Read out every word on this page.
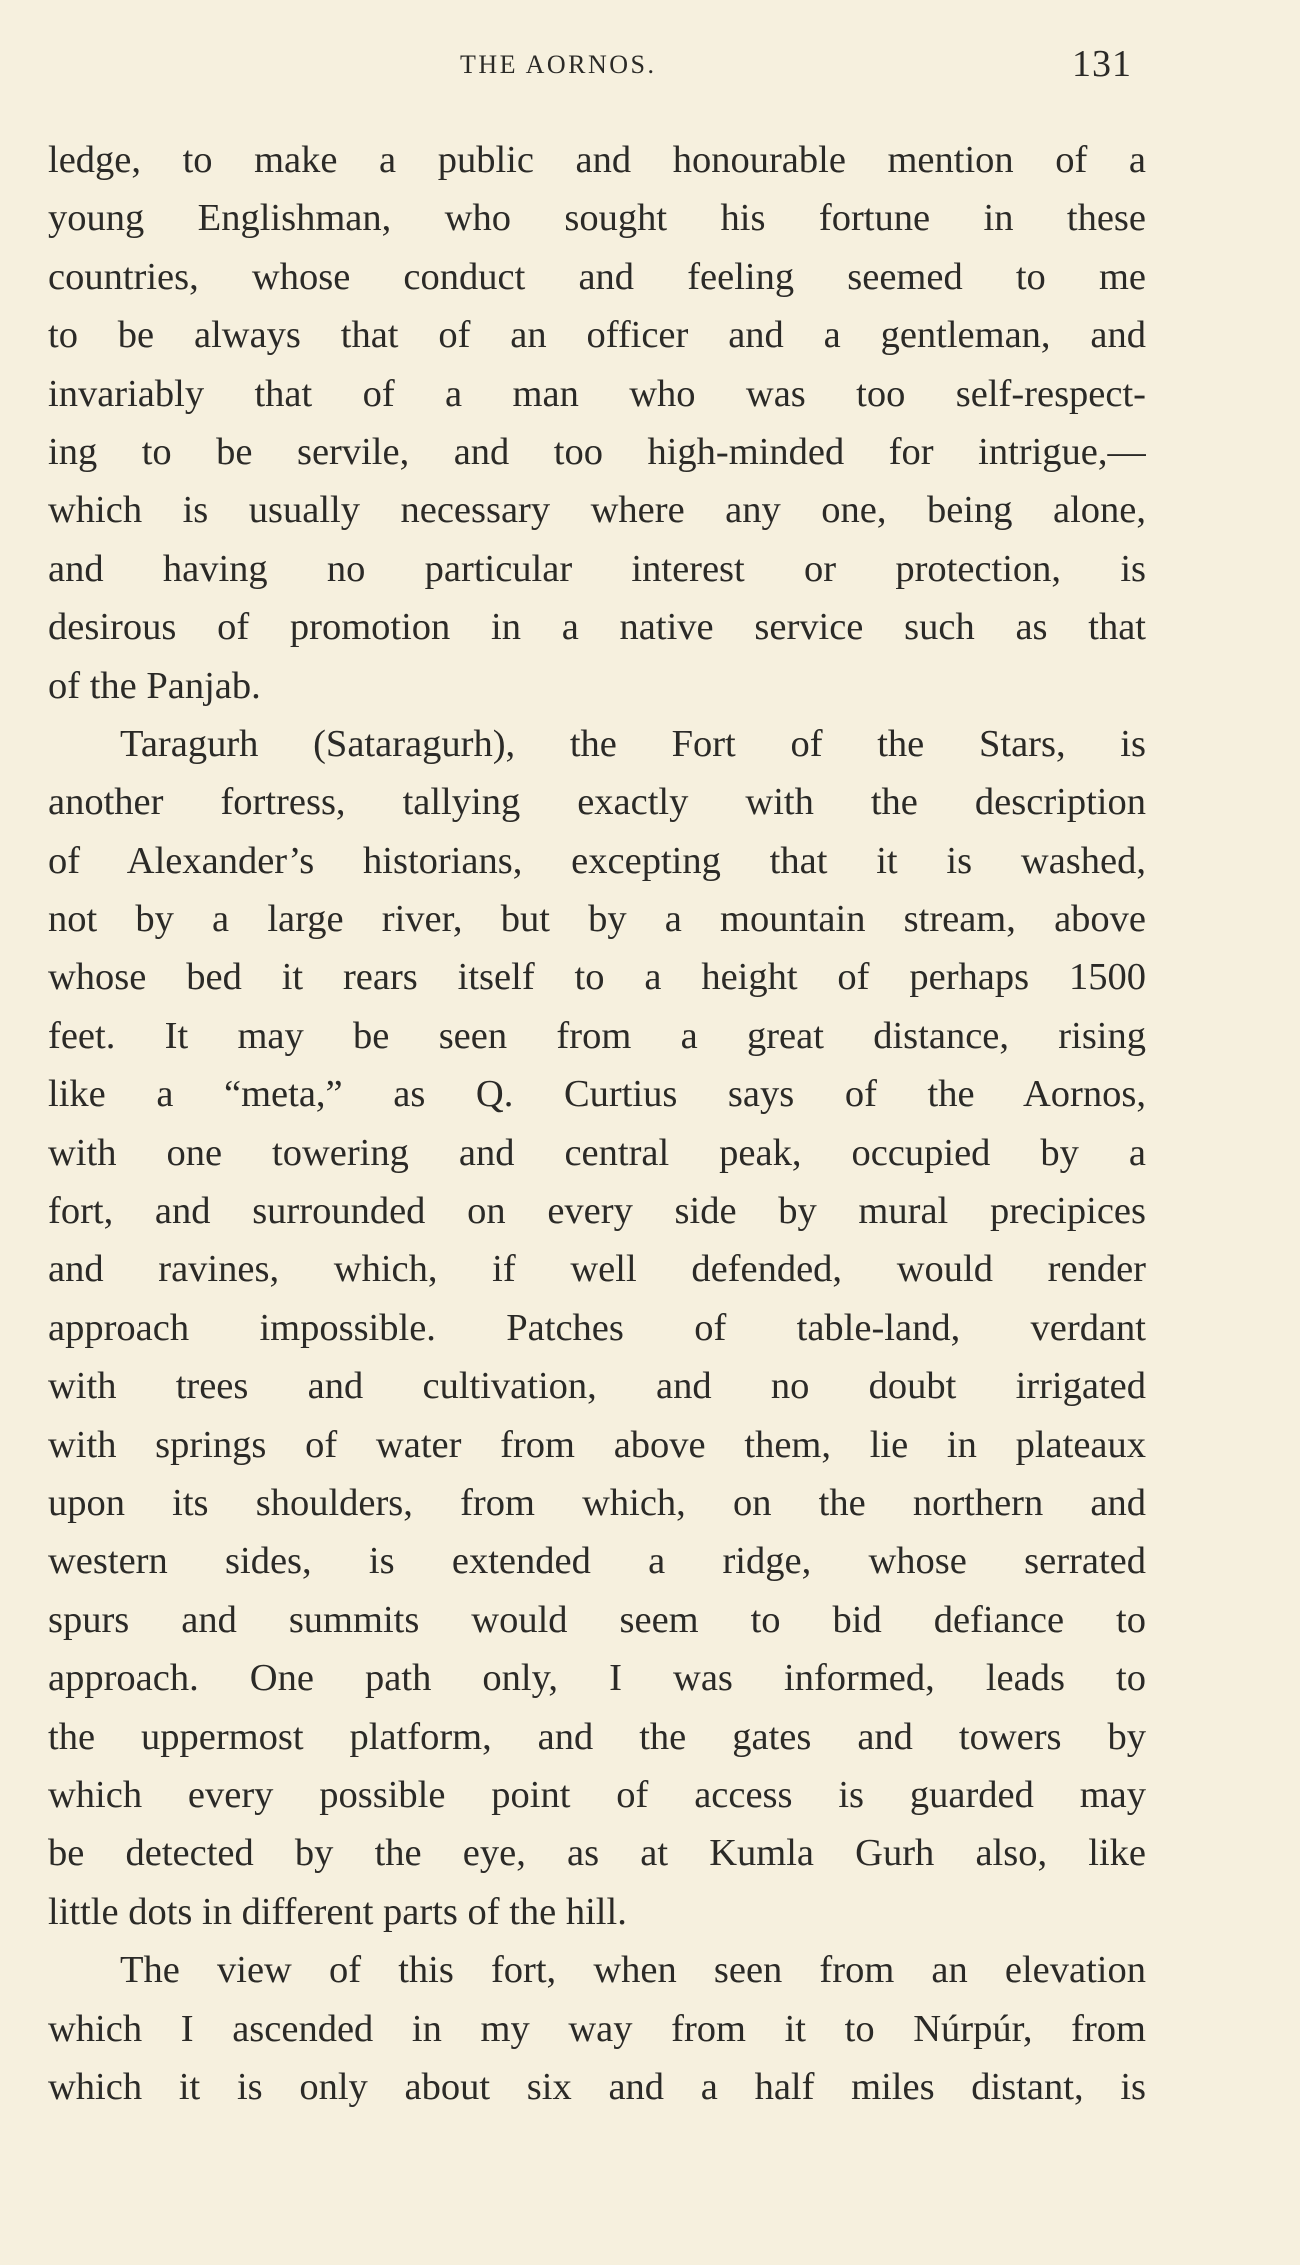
THE AORNOS.	131
ledge, to make a public and honourable mention of a
young Englishman, who sought his fortune in these
countries, whose conduct and feeling seemed to me
to be always that of an officer and a gentleman, and
invariably that of a man who was too self-respect-
ing to be servile, and too high-minded for intrigue,—
which is usually necessary where any one, being alone,
and having no particular interest or protection, is
desirous of promotion in a native service such as that
of the Panjab.
Taragurh (Sataragurh), the Fort of the Stars, is
another fortress, tallying exactly with the description
of Alexander’s historians, excepting that it is washed,
not by a large river, but by a mountain stream, above
whose bed it rears itself to a height of perhaps 1500
feet. It may be seen from a great distance, rising
like a “meta,” as Q. Curtius says of the Aornos,
with one towering and central peak, occupied by a
fort, and surrounded on every side by mural precipices
and ravines, which, if well defended, would render
approach impossible. Patches of table-land, verdant
with trees and cultivation, and no doubt irrigated
with springs of water from above them, lie in plateaux
upon its shoulders, from which, on the northern and
western sides, is extended a ridge, whose serrated
spurs and summits would seem to bid defiance to
approach. One path only, I was informed, leads to
the uppermost platform, and the gates and towers by
which every possible point of access is guarded may
be detected by the eye, as at Kumla Gurh also, like
little dots in different parts of the hill.
The view of this fort, when seen from an elevation
which I ascended in my way from it to Núrpúr, from
which it is only about six and a half miles distant, is
